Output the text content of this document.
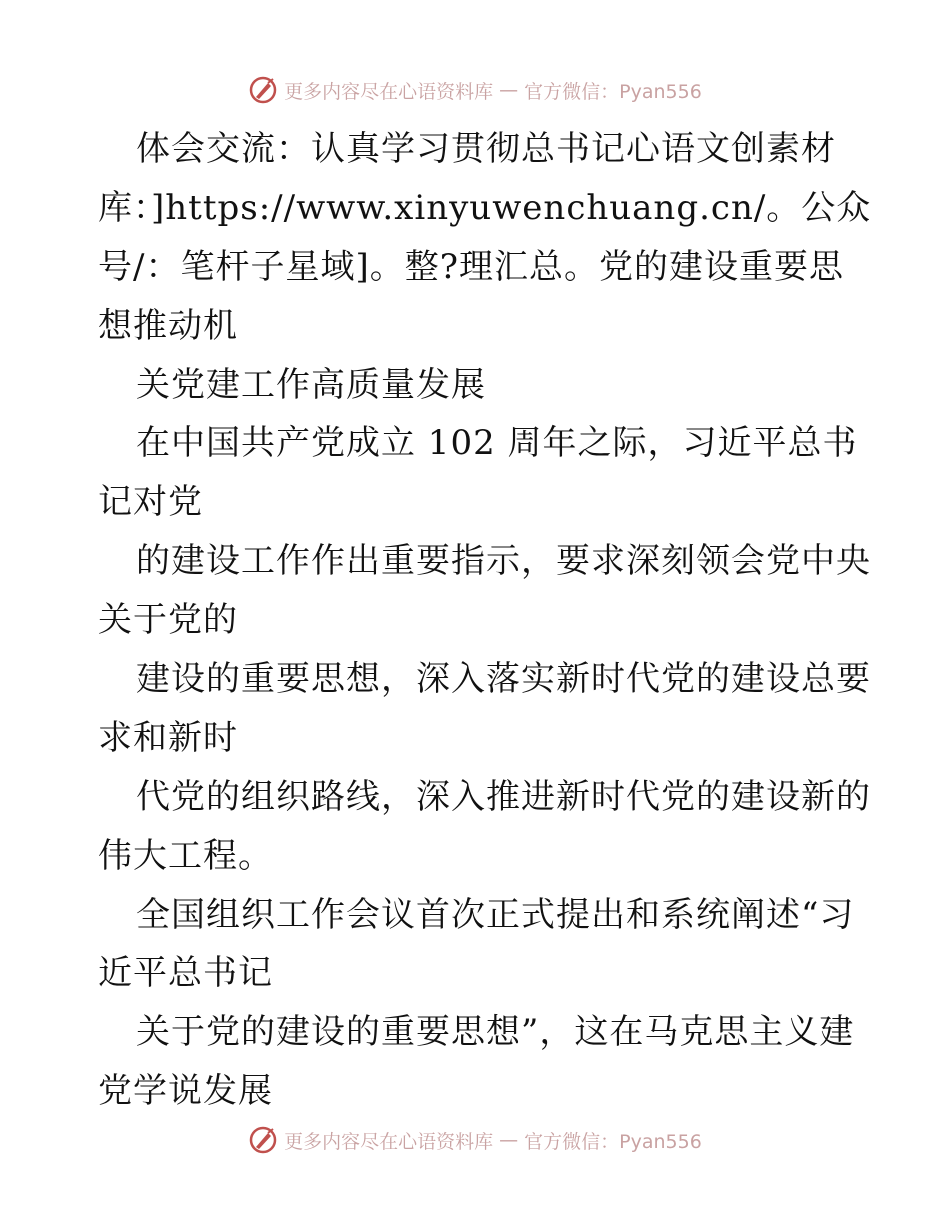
更多内容尽在心语资料库 — 官方微信：Pyan556
体会交流：认真学习贯彻总书记心语文创素材
库：]https://www.xinyuwenchuang.cn/。公众
号/：笔杆子星域]。整?理汇总。党的建设重要思
想推动机
关党建工作高质量发展
在中国共产党成立 102 周年之际，习近平总书
记对党
的建设工作作出重要指示，要求深刻领会党中央
关于党的
建设的重要思想，深入落实新时代党的建设总要
求和新时
代党的组织路线，深入推进新时代党的建设新的
伟大工程。
全国组织工作会议首次正式提出和系统阐述“习
近平总书记
关于党的建设的重要思想”，这在马克思主义建
党学说发展
更多内容尽在心语资料库 — 官方微信：Pyan556
